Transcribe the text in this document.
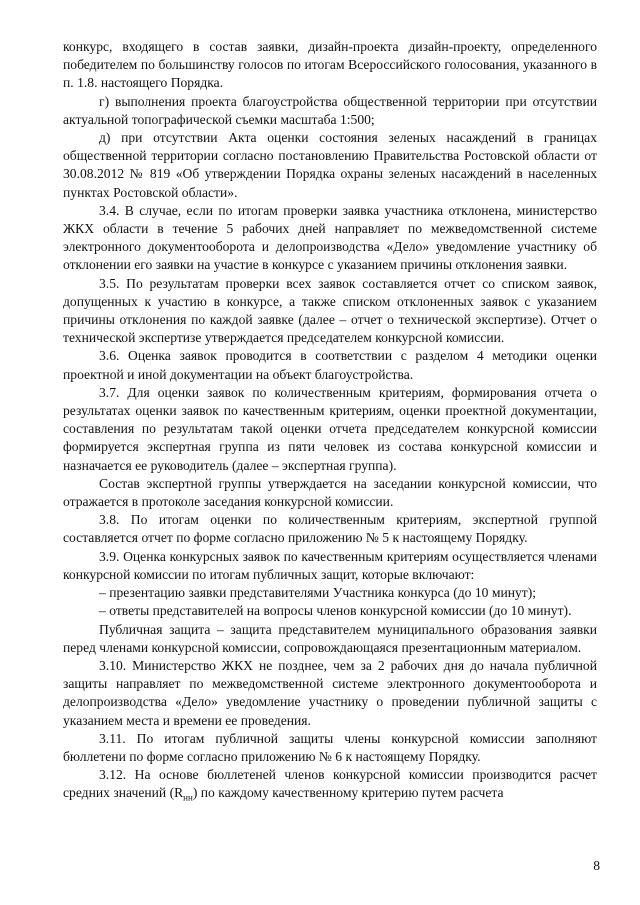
конкурс, входящего в состав заявки, дизайн-проекта дизайн-проекту, определенного победителем по большинству голосов по итогам Всероссийского голосования, указанного в п. 1.8. настоящего Порядка.

г) выполнения проекта благоустройства общественной территории при отсутствии актуальной топографической съемки масштаба 1:500;

д) при отсутствии Акта оценки состояния зеленых насаждений в границах общественной территории согласно постановлению Правительства Ростовской области от 30.08.2012 № 819 «Об утверждении Порядка охраны зеленых насаждений в населенных пунктах Ростовской области».

3.4. В случае, если по итогам проверки заявка участника отклонена, министерство ЖКХ области в течение 5 рабочих дней направляет по межведомственной системе электронного документооборота и делопроизводства «Дело» уведомление участнику об отклонении его заявки на участие в конкурсе с указанием причины отклонения заявки.

3.5. По результатам проверки всех заявок составляется отчет со списком заявок, допущенных к участию в конкурсе, а также списком отклоненных заявок с указанием причины отклонения по каждой заявке (далее – отчет о технической экспертизе). Отчет о технической экспертизе утверждается председателем конкурсной комиссии.

3.6. Оценка заявок проводится в соответствии с разделом 4 методики оценки проектной и иной документации на объект благоустройства.

3.7. Для оценки заявок по количественным критериям, формирования отчета о результатах оценки заявок по качественным критериям, оценки проектной документации, составления по результатам такой оценки отчета председателем конкурсной комиссии формируется экспертная группа из пяти человек из состава конкурсной комиссии и назначается ее руководитель (далее – экспертная группа).

Состав экспертной группы утверждается на заседании конкурсной комиссии, что отражается в протоколе заседания конкурсной комиссии.

3.8. По итогам оценки по количественным критериям, экспертной группой составляется отчет по форме согласно приложению № 5 к настоящему Порядку.

3.9. Оценка конкурсных заявок по качественным критериям осуществляется членами конкурсной комиссии по итогам публичных защит, которые включают:

– презентацию заявки представителями Участника конкурса (до 10 минут);

– ответы представителей на вопросы членов конкурсной комиссии (до 10 минут).

Публичная защита – защита представителем муниципального образования заявки перед членами конкурсной комиссии, сопровождающаяся презентационным материалом.

3.10. Министерство ЖКХ не позднее, чем за 2 рабочих дня до начала публичной защиты направляет по межведомственной системе электронного документооборота и делопроизводства «Дело» уведомление участнику о проведении публичной защиты с указанием места и времени ее проведения.

3.11. По итогам публичной защиты члены конкурсной комиссии заполняют бюллетени по форме согласно приложению № 6 к настоящему Порядку.

3.12. На основе бюллетеней членов конкурсной комиссии производится расчет средних значений $(R_{нн})$ по каждому качественному критерию путем расчета

8
